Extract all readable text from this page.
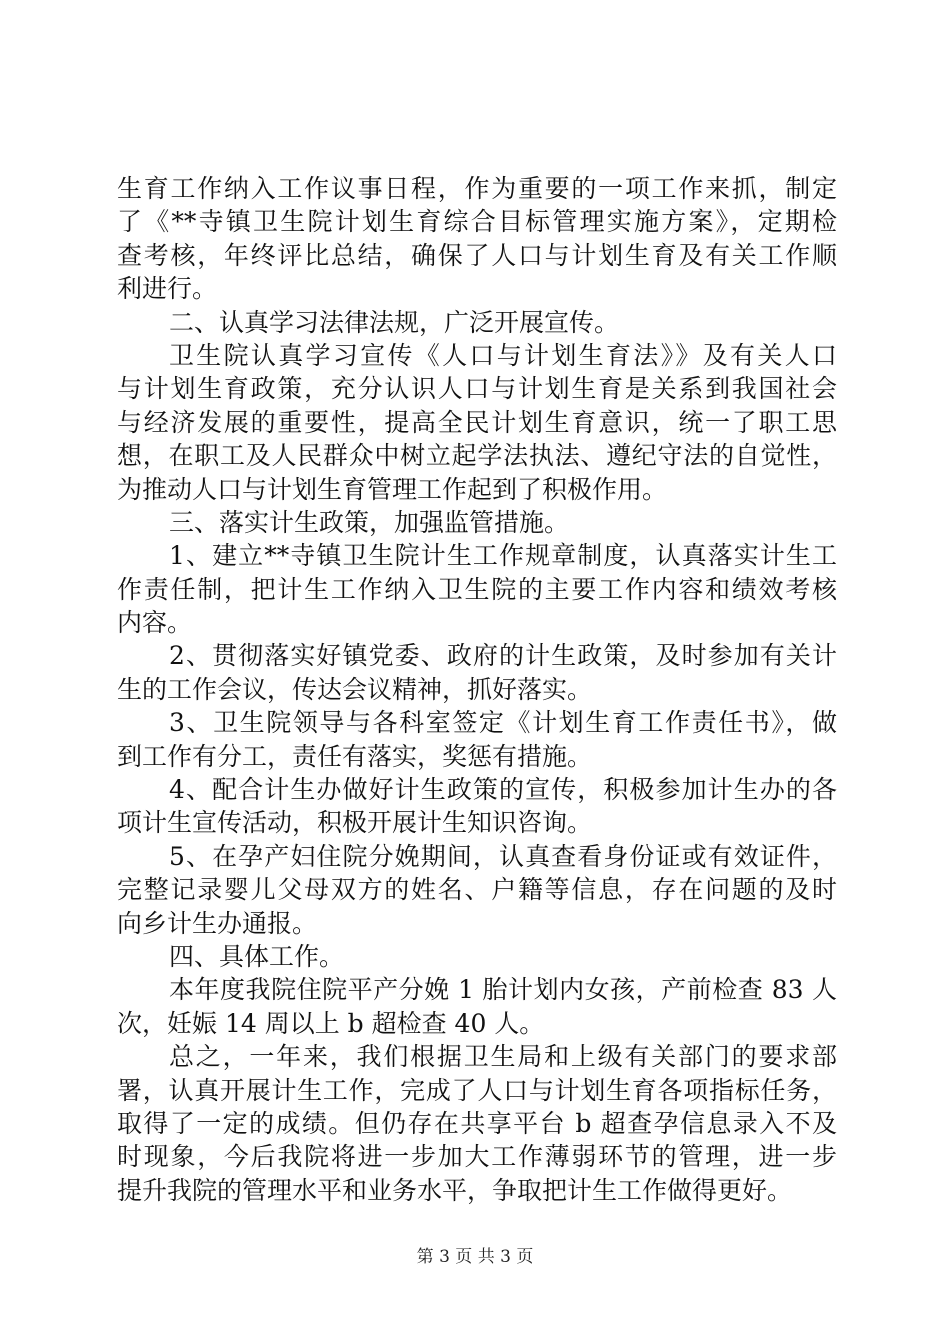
生育工作纳入工作议事日程，作为重要的一项工作来抓，制定
了《**寺镇卫生院计划生育综合目标管理实施方案》，定期检
查考核，年终评比总结，确保了人口与计划生育及有关工作顺
利进行。
二、认真学习法律法规，广泛开展宣传。
卫生院认真学习宣传《人口与计划生育法》》及有关人口
与计划生育政策，充分认识人口与计划生育是关系到我国社会
与经济发展的重要性，提高全民计划生育意识，统一了职工思
想，在职工及人民群众中树立起学法执法、遵纪守法的自觉性，
为推动人口与计划生育管理工作起到了积极作用。
三、落实计生政策，加强监管措施。
1、建立**寺镇卫生院计生工作规章制度，认真落实计生工
作责任制，把计生工作纳入卫生院的主要工作内容和绩效考核
内容。
2、贯彻落实好镇党委、政府的计生政策，及时参加有关计
生的工作会议，传达会议精神，抓好落实。
3、卫生院领导与各科室签定《计划生育工作责任书》，做
到工作有分工，责任有落实，奖惩有措施。
4、配合计生办做好计生政策的宣传，积极参加计生办的各
项计生宣传活动，积极开展计生知识咨询。
5、在孕产妇住院分娩期间，认真查看身份证或有效证件，
完整记录婴儿父母双方的姓名、户籍等信息，存在问题的及时
向乡计生办通报。
四、具体工作。
本年度我院住院平产分娩 1 胎计划内女孩，产前检查 83 人
次，妊娠 14 周以上 b 超检查 40 人。
总之，一年来，我们根据卫生局和上级有关部门的要求部
署，认真开展计生工作，完成了人口与计划生育各项指标任务，
取得了一定的成绩。但仍存在共享平台 b 超查孕信息录入不及
时现象，今后我院将进一步加大工作薄弱环节的管理，进一步
提升我院的管理水平和业务水平，争取把计生工作做得更好。
第 3 页 共 3 页
